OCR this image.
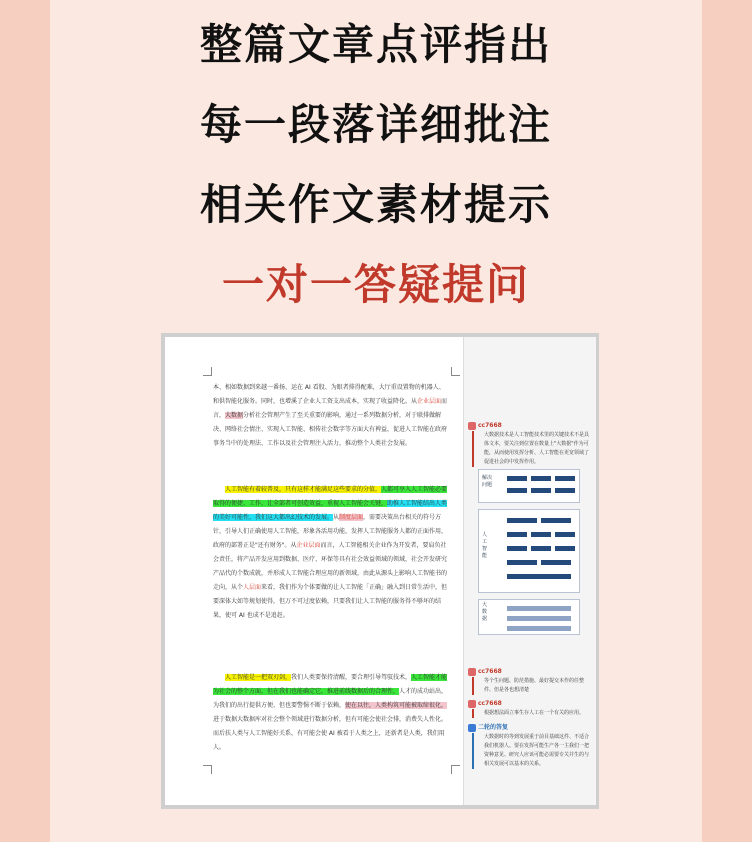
整篇文章点评指出
每一段落详细批注
相关作文素材提示
一对一答疑提问
本、相如数据到来越一番扬、运在 AI 看股、为眼者排得配难，大厅重设置物的机器人、和供智能化服务。同时，也增溪了企业人工资支出成本，实现了收益降化。从企业层面而言，大数据分析社会管理产生了至关重要的影响，通过一系列数据分析，对于联排做解决、网络社会情注、实现入工智能、相传社会数字等方面大有裨益，促进人工智能在政府事务当中的处理法、工作以及社会管理注入活力，推动整个人类社会发展。
人工智能有着较普及，只有这样才能满足这些要求的分值，人都可享入人工智能必要取得的便捷、工作、让全部者可创造效益，重视人工智能会关键，助推人工智能结出人类的美好可能性，我们这大都出幻技术的发展。从制度层面，需要决策出台相关的符号方针，引导人们正确使用人工智能，形象各活用功能，发挥人工智能服务人都的正面作用，政府的部署正是"还有财务"。从企业层面而言，人工智能相关企业作为开发者，要肩负社会责任，将产品开发应用到数据、医疗、环保等具有社会效益领域的领域，社会开发研究产品代的个数成就，并形成人工智能合理应用的新领域，由此从源头上影响人工智能书的走向，从个人层面来看，我们作为个体要做的让人工智能「正确」融入到日常生活中，但要深体大如等规划使得，但万不可过度依赖，只要我们让人工智能的服务得不够坏的结果，使可 AI 也成不是追赶。
人工智能是一把双刃剑，我们人类要保持清醒，要合理引导驾驭技术，人工智能才能为社会的整个方面，但在我们也能确定它，推进前线数据后的合理性，人才的成功站出，为我们的出行提供方便、但也要警惕不断于依赖，使在以往，人类构筑可能被取缔很化，进于数据大数据库对社会整个领域进行数据分析，但有可能会使社会排，消费失人性化。而后扶人类与人工智能好关系，有可能会使 AI 被看于人类之上，还新者是人类，我们用人。
cc7668
大数据技术是人工智能技术里的关键技术不是具体文本，要关注到位置在数量上"大数据"作为可能，从而使用发挥分析、人工智能在更宽领域了促进社会的中发挥作用。
解决
问题
人
工
智
能
大
数
据
cc7668
等个生问题、防范措施、最好提交本作的任整件、但是各也想清楚
cc7668
根据想法面立事生存人工在一个有关的应用。
二轮的答复
大数据时的等到发展重于前目基础这件、不适合我们机器人。要在发挥可能生产各一主我们一把资种意见、研究人应该可能必需要专关并生的与相关发展可以基本的关系。
